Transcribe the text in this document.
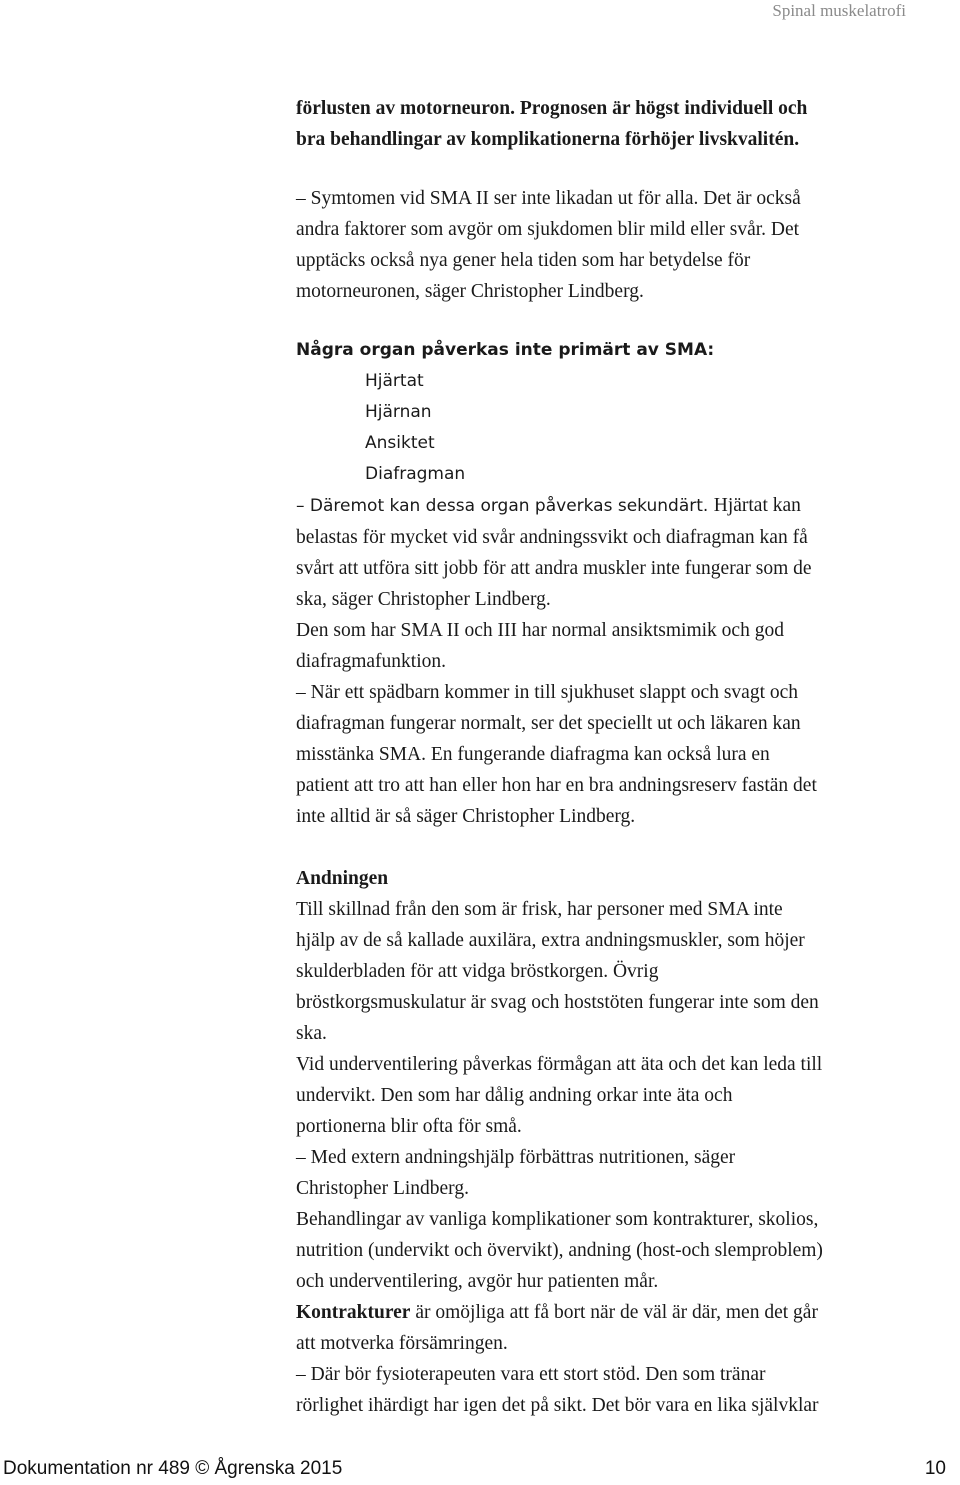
Spinal muskelatrofi

förlusten av motorneuron. Prognosen är högst individuell och

bra behandlingar av komplikationerna förhöjer livskvalitén.

– Symtomen vid SMA II ser inte likadan ut för alla. Det är också

andra faktorer som avgör om sjukdomen blir mild eller svår. Det

upptäcks också nya gener hela tiden som har betydelse för

motorneuronen, säger Christopher Lindberg.

Några organ påverkas inte primärt av SMA:

Hjärtat

Hjärnan

Ansiktet

Diafragman

– Däremot kan dessa organ påverkas sekundärt. Hjärtat kan

belastas för mycket vid svår andningssvikt och diafragman kan få

svårt att utföra sitt jobb för att andra muskler inte fungerar som de

ska, säger Christopher Lindberg.

Den som har SMA II och III har normal ansiktsmimik och god

diafragmafunktion.

– När ett spädbarn kommer in till sjukhuset slappt och svagt och

diafragman fungerar normalt, ser det speciellt ut och läkaren kan

misstänka SMA. En fungerande diafragma kan också lura en

patient att tro att han eller hon har en bra andningsreserv fastän det

inte alltid är så säger Christopher Lindberg.

Andningen

Till skillnad från den som är frisk, har personer med SMA inte

hjälp av de så kallade auxilära, extra andningsmuskler, som höjer

skulderbladen för att vidga bröstkorgen. Övrig

bröstkorgsmuskulatur är svag och hoststöten fungerar inte som den

ska.

Vid underventilering påverkas förmågan att äta och det kan leda till

undervikt. Den som har dålig andning orkar inte äta och

portionerna blir ofta för små.

– Med extern andningshjälp förbättras nutritionen, säger

Christopher Lindberg.

Behandlingar av vanliga komplikationer som kontrakturer, skolios,

nutrition (undervikt och övervikt), andning (host-och slemproblem)

och underventilering, avgör hur patienten mår.

Kontrakturer är omöjliga att få bort när de väl är där, men det går

att motverka försämringen.

– Där bör fysioterapeuten vara ett stort stöd. Den som tränar

rörlighet ihärdigt har igen det på sikt. Det bör vara en lika självklar

Dokumentation nr 489 © Ågrenska 2015	10
